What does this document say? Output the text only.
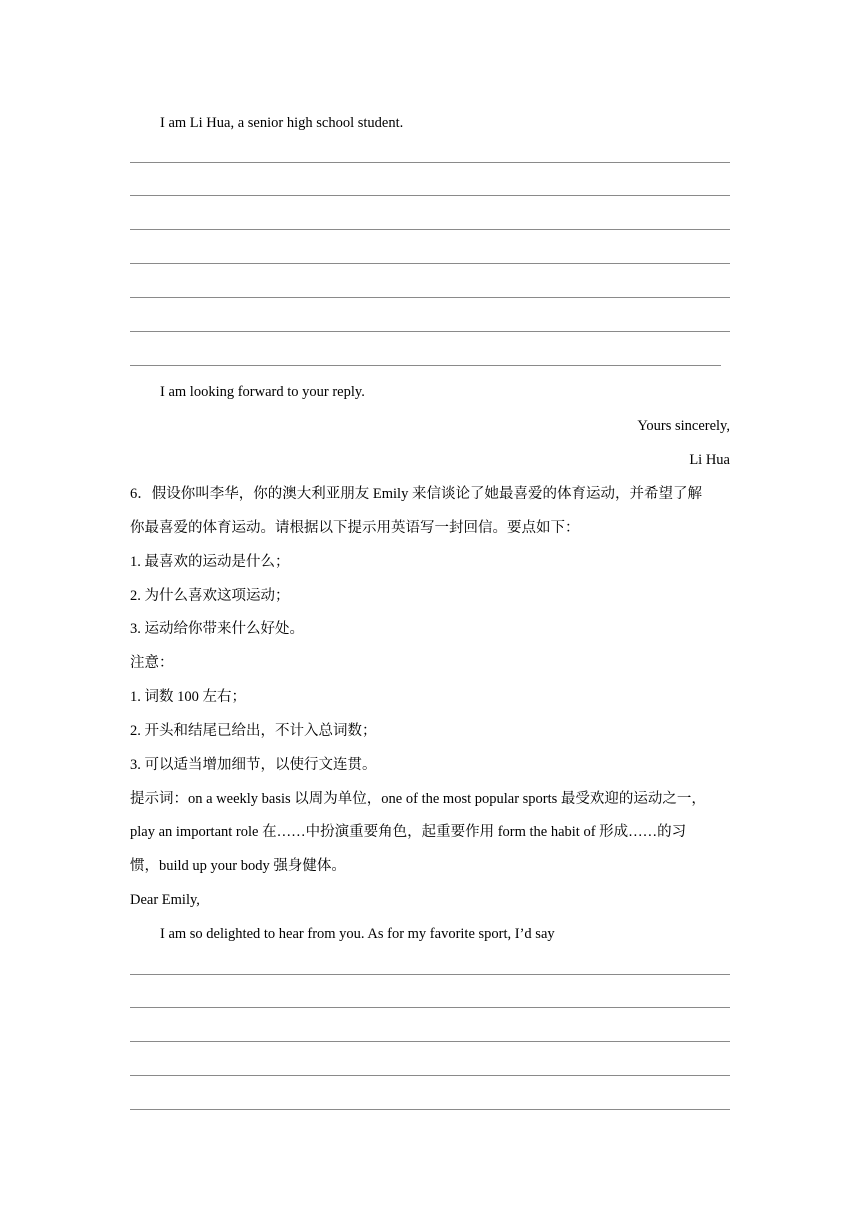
I am Li Hua, a senior high school student.
I am looking forward to your reply.
Yours sincerely,
Li Hua
6．假设你叫李华，你的澳大利亚朋友 Emily 来信谈论了她最喜爱的体育运动，并希望了解
你最喜爱的体育运动。请根据以下提示用英语写一封回信。要点如下：
1. 最喜欢的运动是什么；
2. 为什么喜欢这项运动；
3. 运动给你带来什么好处。
注意：
1. 词数 100 左右；
2. 开头和结尾已给出，不计入总词数；
3. 可以适当增加细节，以使行文连贯。
提示词：on a weekly basis 以周为单位，one of the most popular sports 最受欢迎的运动之一，
play an important role 在……中扮演重要角色，起重要作用 form the habit of 形成……的习
惯，build up your body 强身健体。
Dear Emily,
I am so delighted to hear from you. As for my favorite sport, I’d say
